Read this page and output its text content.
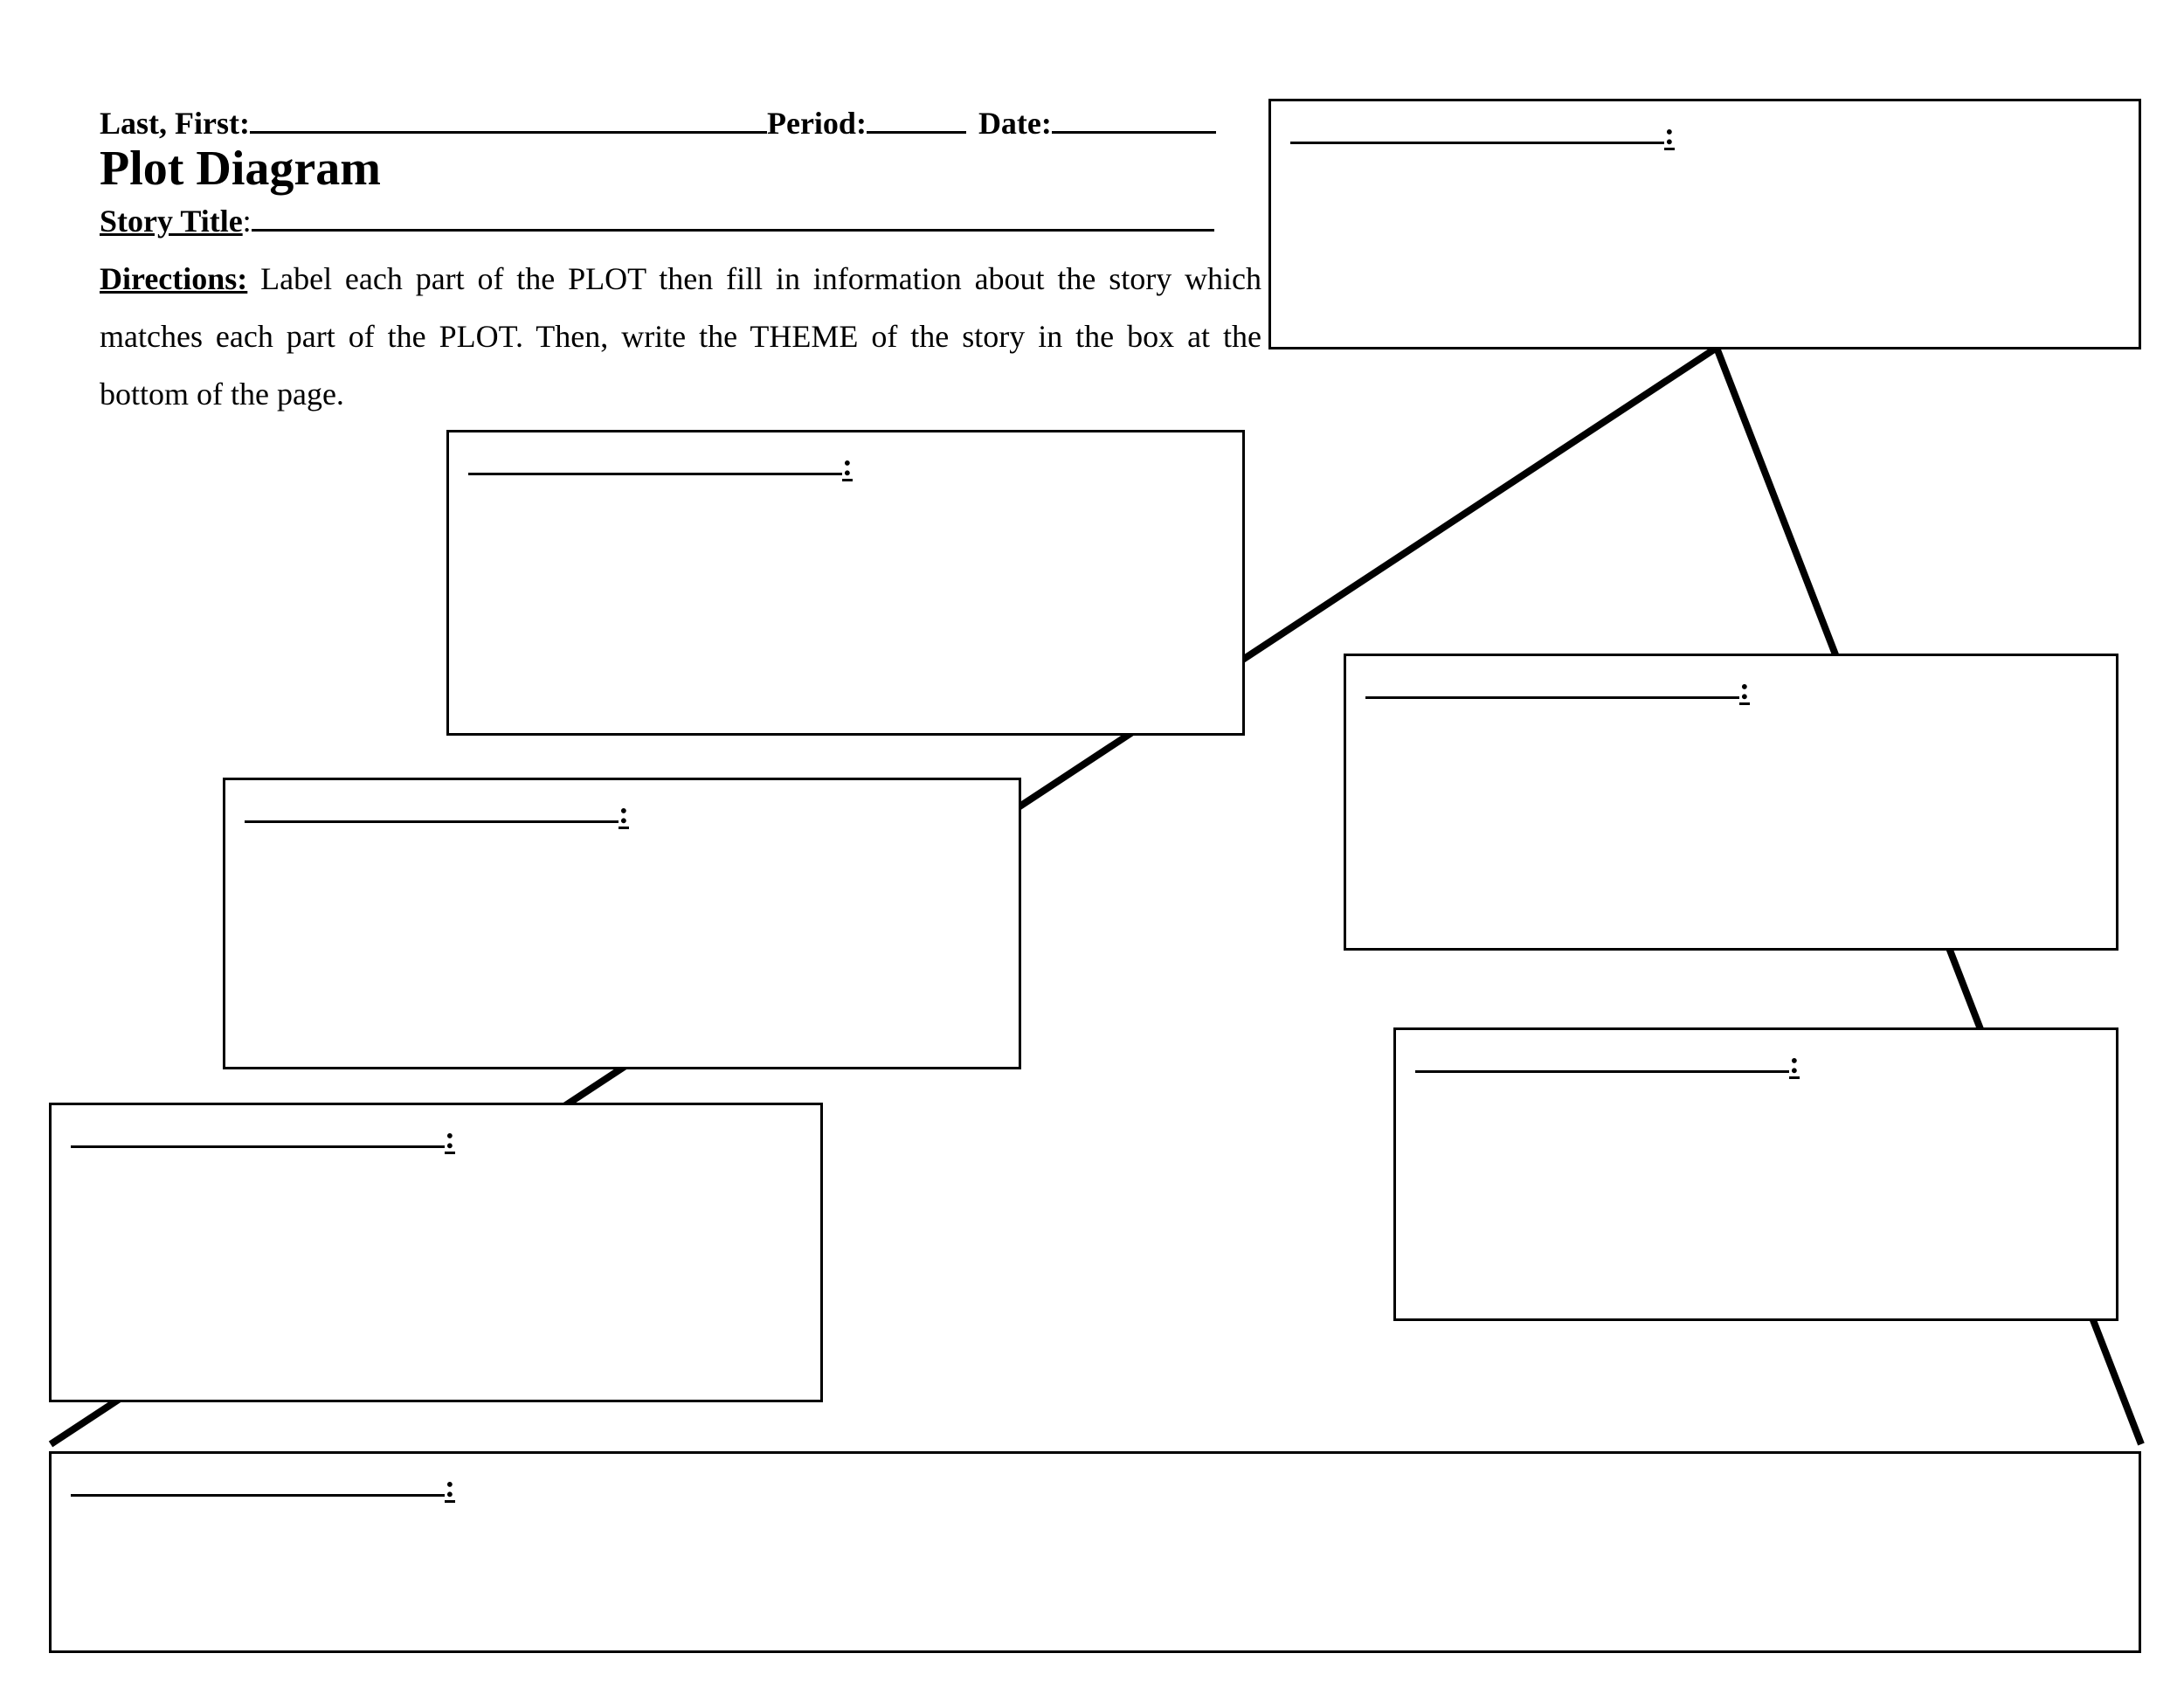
Last, First:	Period:	Date:
Plot Diagram
Story Title:
Directions: Label each part of the PLOT then fill in information about the story which matches each part of the PLOT. Then, write the THEME of the story in the box at the bottom of the page.
:
:
:
:
:
:
:
